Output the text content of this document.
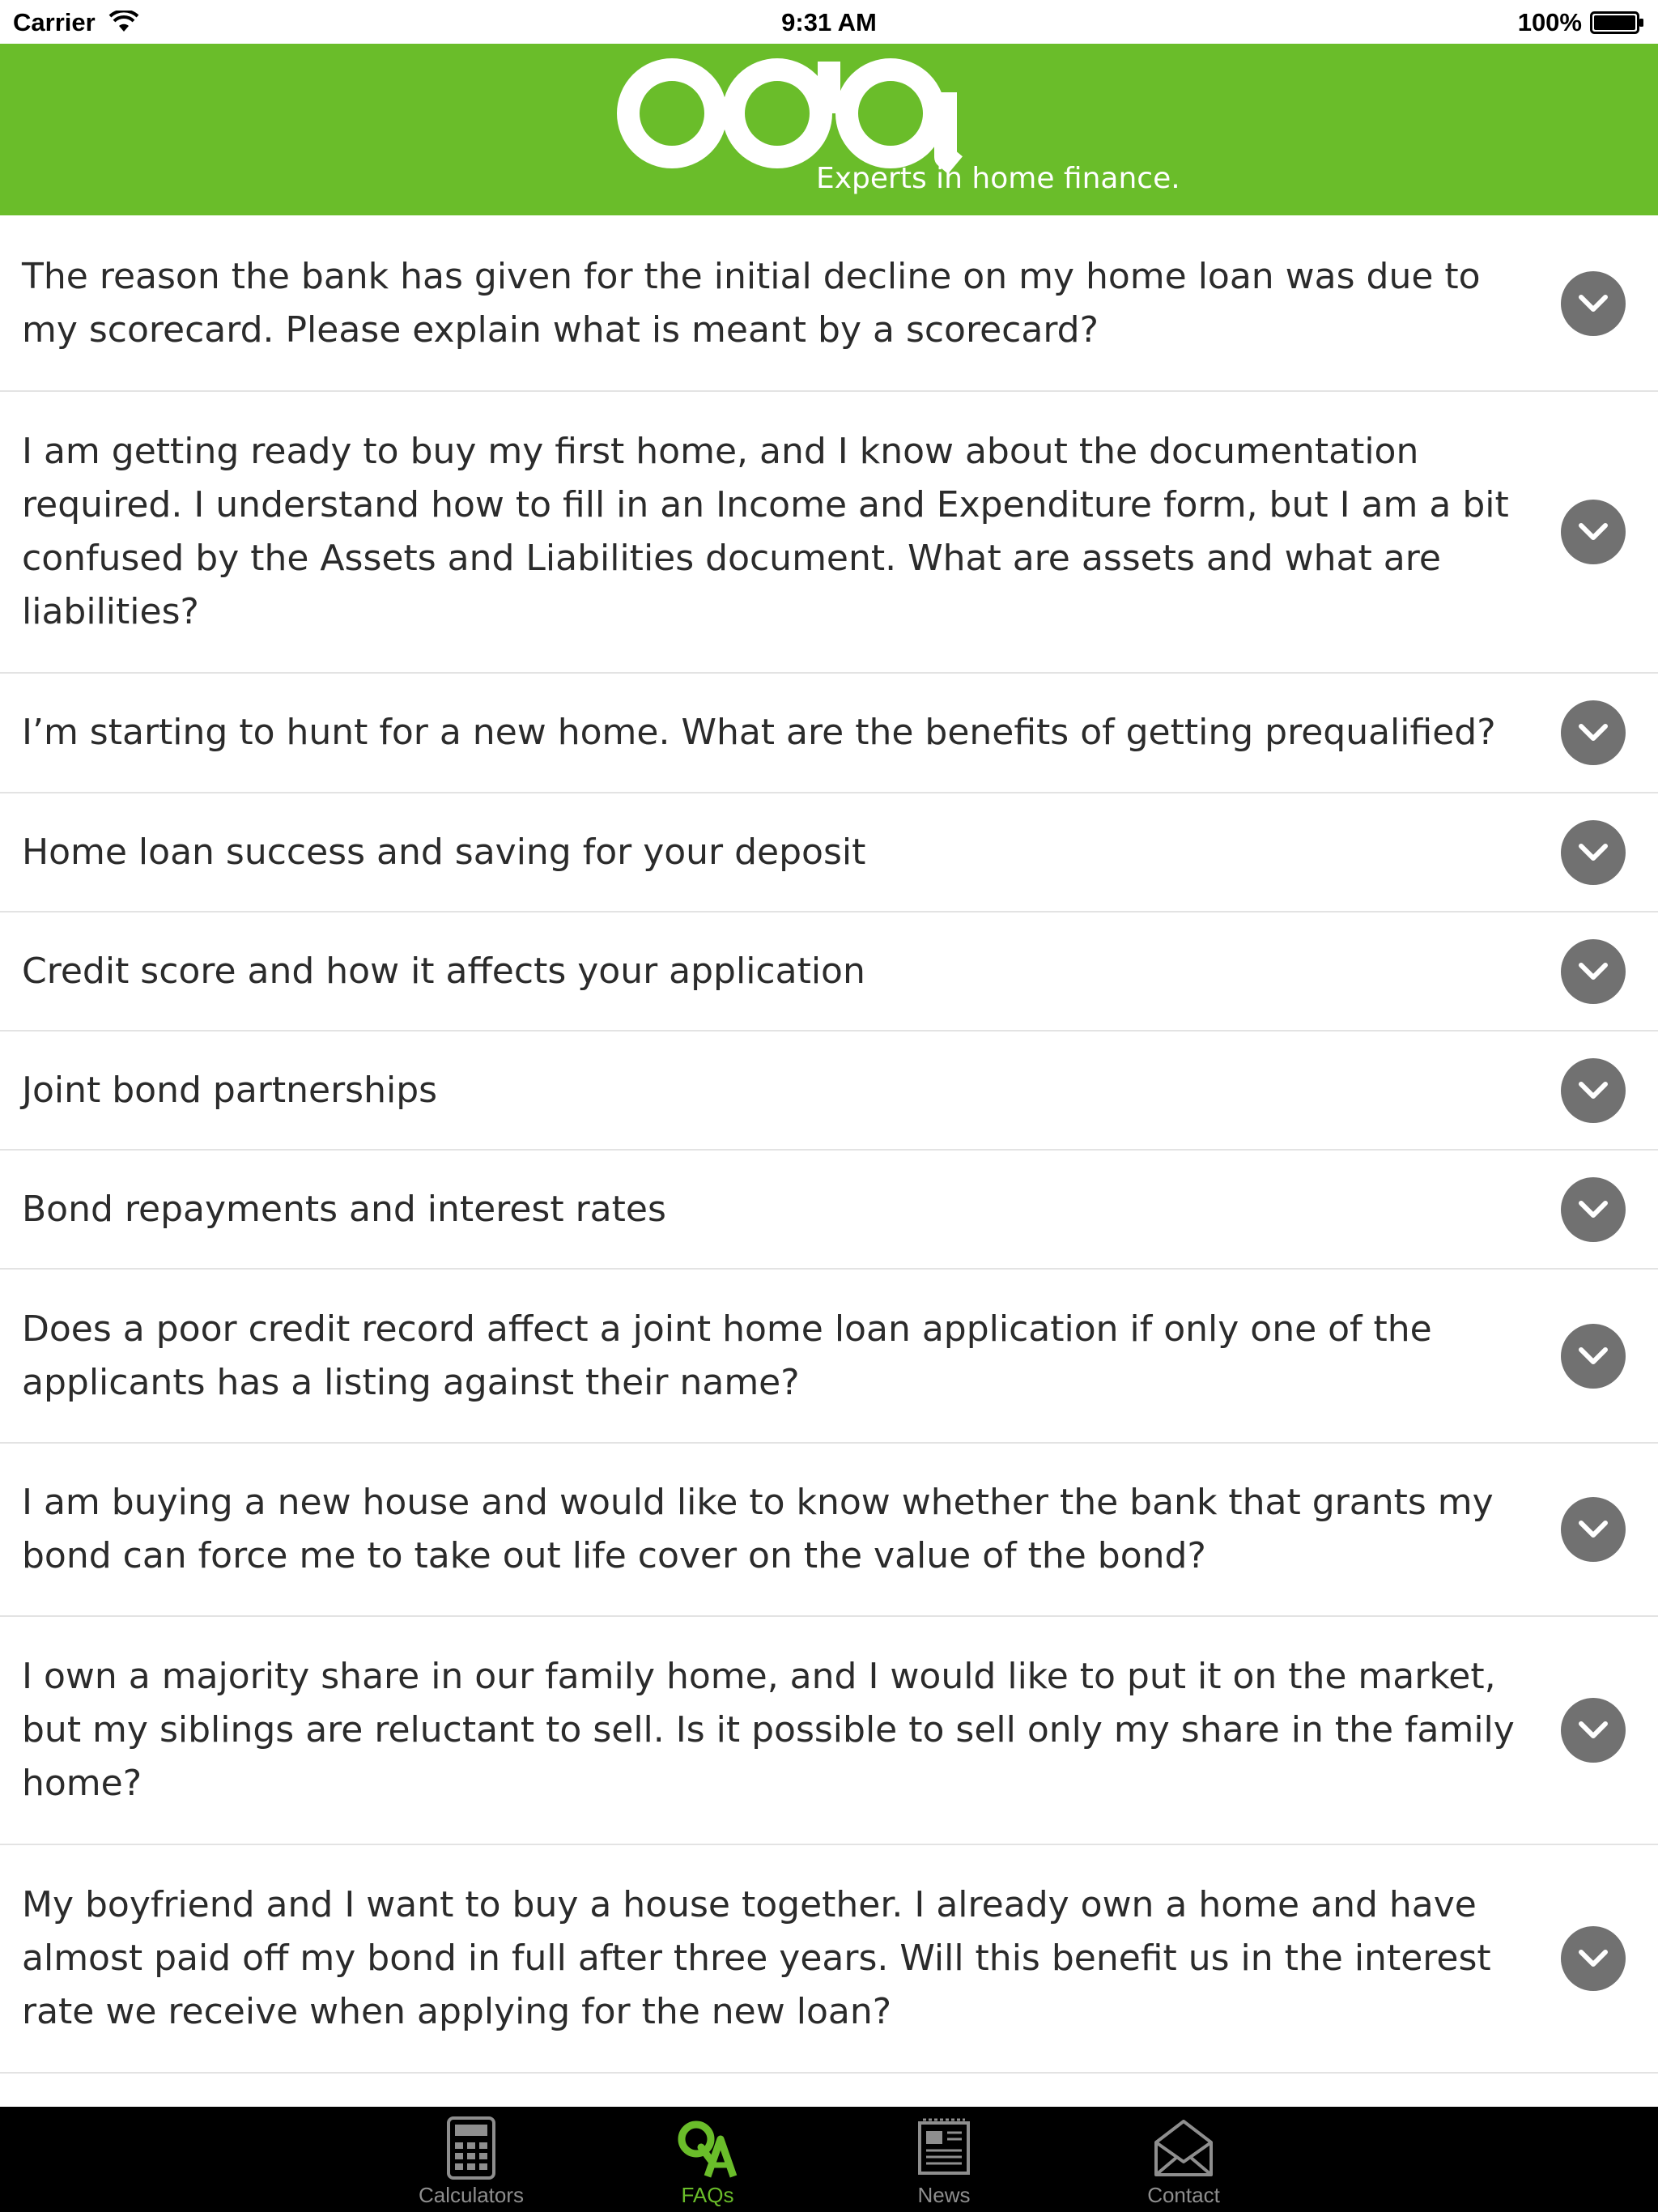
Carrier	9:31 AM	100%
Experts in home finance.
The reason the bank has given for the initial decline on my home loan was due to my scorecard. Please explain what is meant by a scorecard?
I am getting ready to buy my first home, and I know about the documentation required. I understand how to fill in an Income and Expenditure form, but I am a bit confused by the Assets and Liabilities document. What are assets and what are liabilities?
I’m starting to hunt for a new home. What are the benefits of getting prequalified?
Home loan success and saving for your deposit
Credit score and how it affects your application
Joint bond partnerships
Bond repayments and interest rates
Does a poor credit record affect a joint home loan application if only one of the applicants has a listing against their name?
I am buying a new house and would like to know whether the bank that grants my bond can force me to take out life cover on the value of the bond?
I own a majority share in our family home, and I would like to put it on the market, but my siblings are reluctant to sell. Is it possible to sell only my share in the family home?
My boyfriend and I want to buy a house together. I already own a home and have almost paid off my bond in full after three years. Will this benefit us in the interest rate we receive when applying for the new loan?
Calculators	FAQs	News	Contact
